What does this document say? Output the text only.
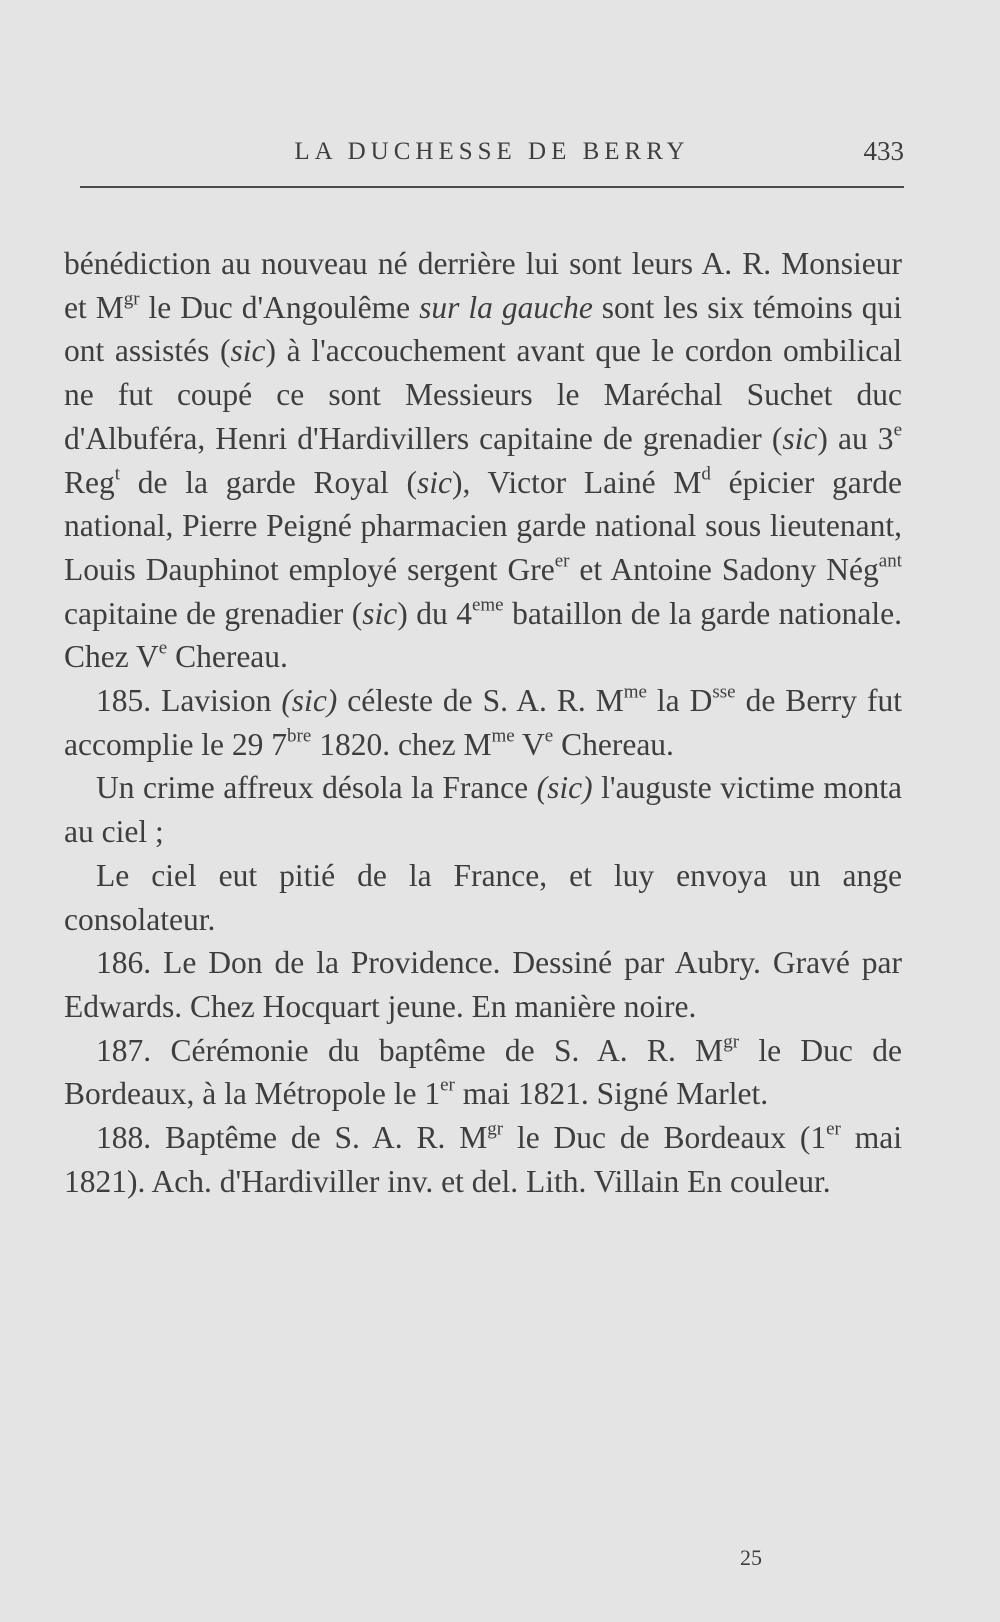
LA DUCHESSE DE BERRY	433

bénédiction au nouveau né derrière lui sont leurs A. R. Monsieur et $M^{gr}$ le Duc d'Angoulême sur la gauche sont les six témoins qui ont assistés (sic) à l'accouchement avant que le cordon ombilical ne fut coupé ce sont Messieurs le Maréchal Suchet duc d'Albuféra, Henri d'Hardivillers capitaine de grenadier (sic) au 3e Reg$^t$ de la garde Royal (sic), Victor Lainé $M^d$ épicier garde national, Pierre Peigné pharmacien garde national sous lieutenant, Louis Dauphinot employé sergent Gre$^{er}$ et Antoine Sadony Nég$^{ant}$ capitaine de grenadier (sic) du 4eme bataillon de la garde nationale. Chez Ve Chereau.

185. Lavision (sic) céleste de S. A. R. $M^{me}$ la $D^{sse}$ de Berry fut accomplie le 29 $7^{bre}$ 1820. chez $M^{me}$ Ve Chereau.

Un crime affreux désola la France (sic) l'auguste victime monta au ciel ;

Le ciel eut pitié de la France, et luy envoya un ange consolateur.

186. Le Don de la Providence. Dessiné par Aubry. Gravé par Edwards. Chez Hocquart jeune. En manière noire.

187. Cérémonie du baptême de S. A. R. $M^{gr}$ le Duc de Bordeaux, à la Métropole le 1er mai 1821. Signé Marlet.

188. Baptême de S. A. R. $M^{gr}$ le Duc de Bordeaux (1er mai 1821). Ach. d'Hardiviller inv. et del. Lith. Villain En couleur.

25
